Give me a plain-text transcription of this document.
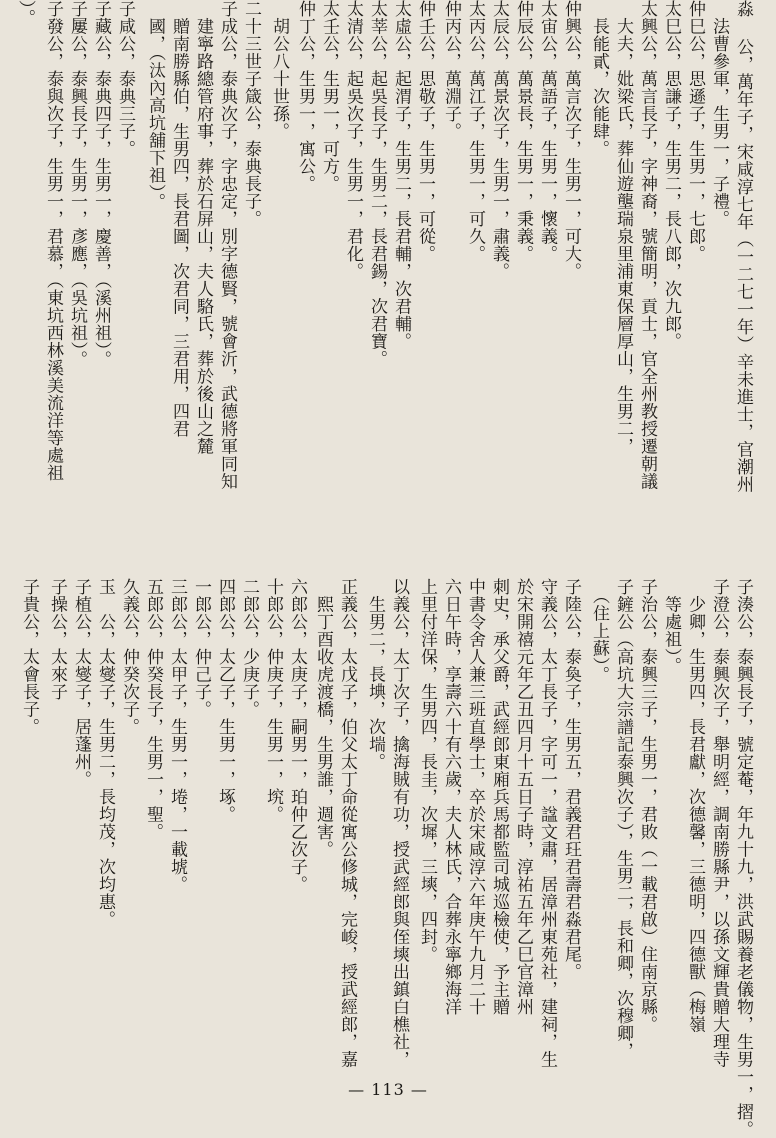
淼 公，萬年子，宋咸淳七年（一二七一年）辛未進士，官潮州
　法曹參軍，生男一，子禮。
仲巳公，思遜子，生男一，七郎。
太巳公，思謙子，生男二，長八郎，次九郎。
太興公，萬言長子，字神裔，號簡明，貢士，官全州教授遷朝議
　大夫，妣梁氏，葬仙遊壟瑞泉里浦東保層厚山，生男二，
　長能貳，次能肆。
仲興公，萬言次子，生男一，可大。
太宙公，萬語子，生男一，懷義。
仲辰公，萬景長，生男一，秉義。
太辰公，萬景次子，生男一，肅義。
太丙公，萬江子，生男一，可久。
仲丙公，萬淵子。
仲壬公，思敬子，生男一，可從。
太虛公，起渭子，生男二，長君輔，次君輔。
太莘公，起吳長子，生男二，長君錫，次君寶。
太清公，起吳次子，生男一，君化。
太壬公，生男一，可方。
仲丁公，生男一，寓公。
　胡公八十世孫。
二十三世子箴公，泰典長子。
子成公，泰典次子，字忠定，別字德賢，號會沂，武德將軍同知
　建寧路總管府事，葬於石屏山，夫人駱氏，葬於後山之麓
　贈南勝縣伯，生男四，長君圖，次君同，三君用，四君
　國，（汰內高坑舖下祖）。
子咸公，泰典三子。
子藏公，泰典四子，生男一，慶善，（溪州祖）。
子屢公，泰興長子，生男一，彥應，（吳坑祖）。
子發公，泰與次子，生男一，君慕，（東坑西林溪美流洋等處祖
）。
子湊公，泰興長子，號定菴，年九十九，洪武賜養老儀物，生男一，摺。
子澄公，泰興次子，舉明經，調南勝縣尹，以孫文輝貴贈大理寺
　少卿，生男四，長君獻，次德馨，三德明，四德獸（梅嶺
　等處祖）。
子治公，泰興三子，生男一，君敗（一載君啟）住南京縣。
子鏟公（高坑大宗譜記泰興次子），生男二，長和卿，次穆卿，
　（住上蘇）。
子陸公，泰奐子，生男五，君義君玨君壽君淼君尾。
守義公，太丁長子，字可一，諡文肅，居漳州東苑社，建祠，生
於宋開禧元年乙丑四月十五日子時，淳祐五年乙巳官漳州
刺史，承父爵，武經郎東廂兵馬都監司城巡檢使，予主贈
中書令舍人兼三班直學士，卒於宋咸淳六年庚午九月二十
六日午時，享壽六十有六歲，夫人林氏，合葬永寧鄉海洋
上里付洋保，生男四，長圭，次墀，三塽，四封。
以義公，太丁次子，擒海賊有功，授武經郎與侄塽出鎮白樵社，
　生男二，長㙉，次㙐。
正義公，太戊子，伯父太丁命從寓公修城，完峻，授武經郎，嘉
　熙丁酉收虎渡橋，生男誰，週害。
六郎公，太庚子，嗣男一，珀仲乙次子。
十郎公，仲庚子，生男一，㙀。
二郎公，少庚子。
四郎公，太乙子，生男一，㙇。
一郎公，仲己子。
三郎公，太甲子，生男一，埢，一載㙈。
五郎公，仲癸長子，生男一，聖。
久義公，仲癸次子。
玉　公，太燮子，生男二，長均茂，次均惠。
子植公，太燮子，居蓬州。
子操公，太來子
子貴公，太會長子。
— 113 —
